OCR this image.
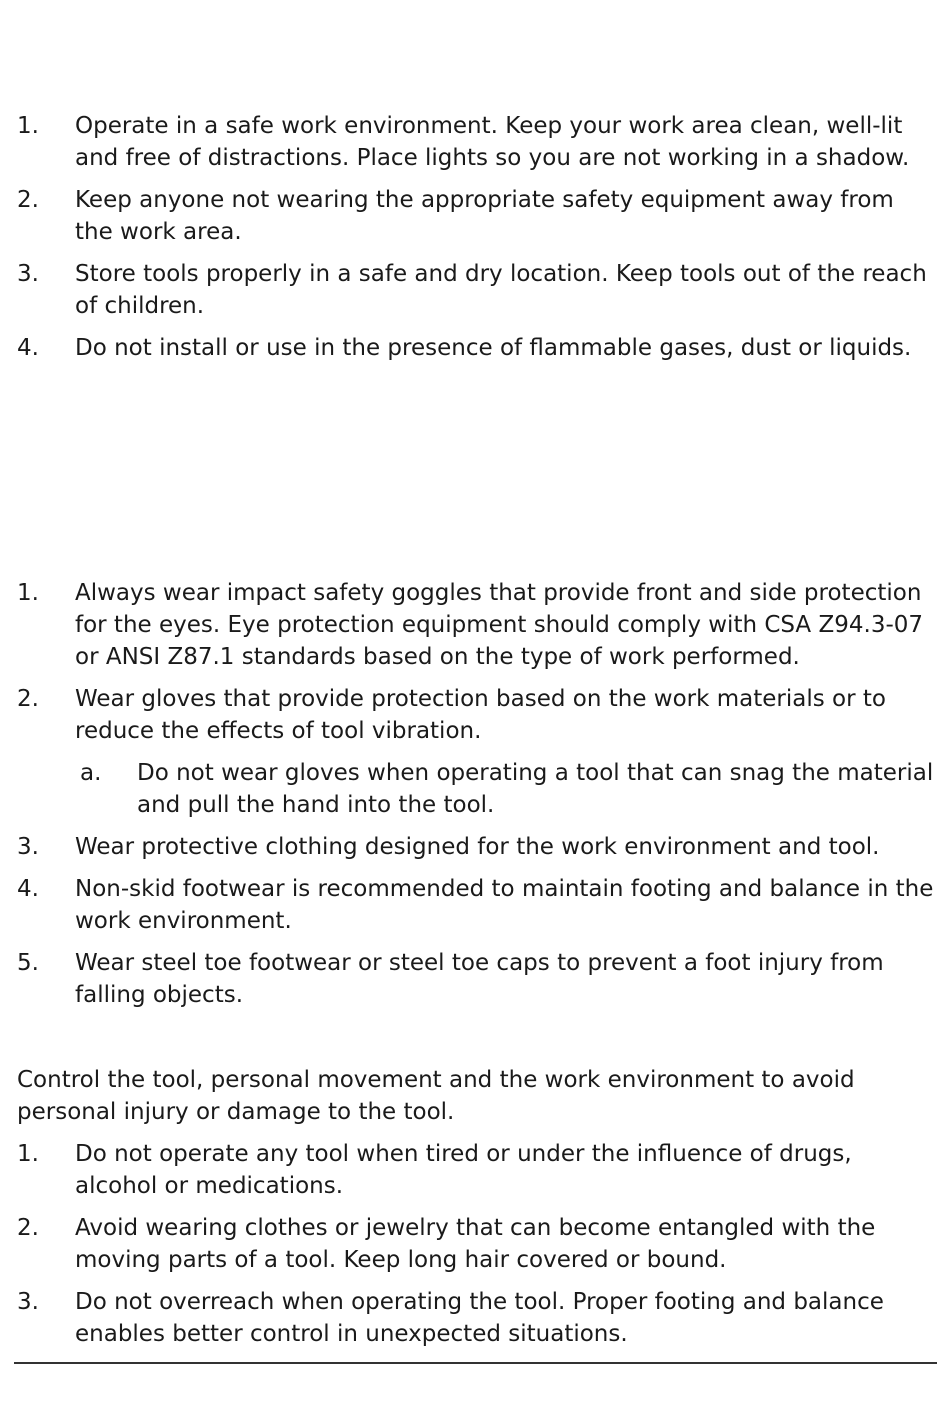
1. Operate in a safe work environment. Keep your work area clean, well-lit and free of distractions. Place lights so you are not working in a shadow.
2. Keep anyone not wearing the appropriate safety equipment away from the work area.
3. Store tools properly in a safe and dry location. Keep tools out of the reach of children.
4. Do not install or use in the presence of flammable gases, dust or liquids.
1. Always wear impact safety goggles that provide front and side protection for the eyes. Eye protection equipment should comply with CSA Z94.3-07 or ANSI Z87.1 standards based on the type of work performed.
2. Wear gloves that provide protection based on the work materials or to reduce the effects of tool vibration.
a. Do not wear gloves when operating a tool that can snag the material and pull the hand into the tool.
3. Wear protective clothing designed for the work environment and tool.
4. Non-skid footwear is recommended to maintain footing and balance in the work environment.
5. Wear steel toe footwear or steel toe caps to prevent a foot injury from falling objects.
Control the tool, personal movement and the work environment to avoid personal injury or damage to the tool.
1. Do not operate any tool when tired or under the influence of drugs, alcohol or medications.
2. Avoid wearing clothes or jewelry that can become entangled with the moving parts of a tool. Keep long hair covered or bound.
3. Do not overreach when operating the tool. Proper footing and balance enables better control in unexpected situations.
